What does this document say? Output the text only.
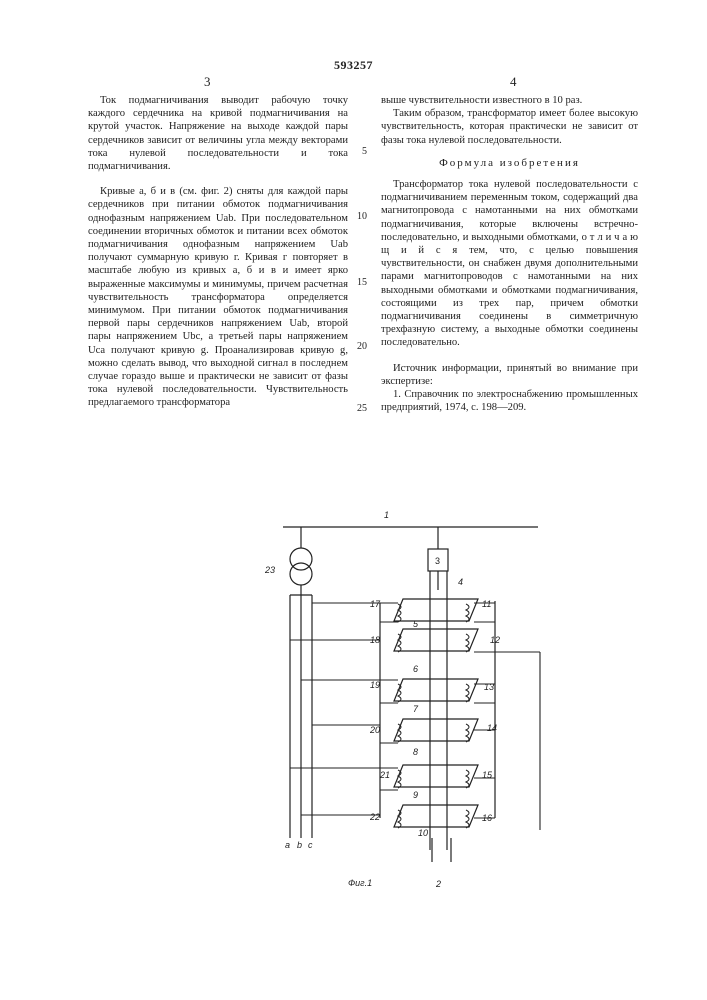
593257
3	4

Ток подмагничивания выводит рабочую точку каждого сердечника на кривой подмагничивания на крутой участок. Напряжение на выходе каждой пары сердечников зависит от величины угла между векторами тока нулевой последовательности и тока подмагничивания.

Кривые а, б и в (см. фиг. 2) сняты для каждой пары сердечников при питании обмоток подмагничивания однофазным напряжением Uab. При последовательном соединении вторичных обмоток и питании всех обмоток подмагничивания однофазным напряжением Uab получают суммарную кривую г. Кривая г повторяет в масштабе любую из кривых а, б и в и имеет ярко выраженные максимумы и минимумы, причем расчетная чувствительность трансформатора определяется минимумом. При питании обмоток подмагничивания первой пары сердечников напряжением Uab, второй пары напряжением Ubc, а третьей пары напряжением Uca получают кривую g. Проанализировав кривую g, можно сделать вывод, что выходной сигнал в последнем случае гораздо выше и практически не зависит от фазы тока нулевой последовательности. Чувствительность предлагаемого трансформатора

5
10
15
20
25

выше чувствительности известного в 10 раз.

Таким образом, трансформатор имеет более высокую чувствительность, которая практически не зависит от фазы тока нулевой последовательности.

Формула изобретения

Трансформатор тока нулевой последовательности с подмагничиванием переменным током, содержащий два магнитопровода с намотанными на них обмотками подмагничивания, которые включены встречно-последовательно, и выходными обмотками, о т л и ч а ю щ и й с я тем, что, с целью повышения чувствительности, он снабжен двумя дополнительными парами магнитопроводов с намотанными на них выходными обмотками и обмотками подмагничивания, состоящими из трех пар, причем обмотки подмагничивания соединены в симметричную трехфазную систему, а выходные обмотки соединены последовательно.

Источник информации, принятый во внимание при экспертизе:

1. Справочник по электроснабжению промышленных предприятий, 1974, с. 198—209.

1
2
3
4
5
6
7
8
9
10
11
12
13
14
15
16
17
18
19
20
21
22
23
a b c
Фиг.1
